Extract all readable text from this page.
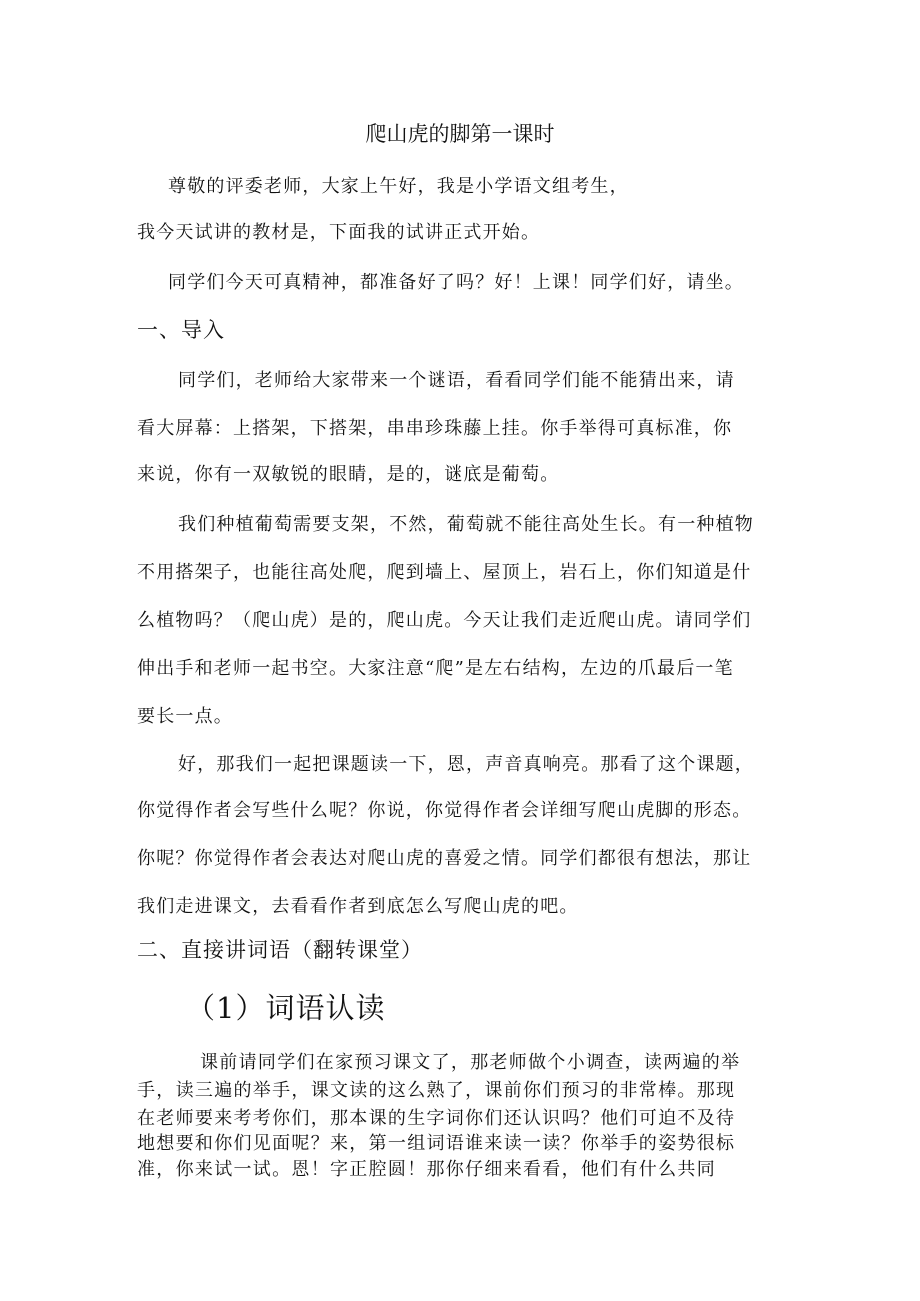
爬山虎的脚第一课时

尊敬的评委老师，大家上午好，我是小学语文组考生，

我今天试讲的教材是，下面我的试讲正式开始。

同学们今天可真精神，都准备好了吗？好！上课！同学们好，请坐。

一、导入

同学们，老师给大家带来一个谜语，看看同学们能不能猜出来，请

看大屏幕：上搭架，下搭架，串串珍珠藤上挂。你手举得可真标准，你

来说，你有一双敏锐的眼睛，是的，谜底是葡萄。

我们种植葡萄需要支架，不然，葡萄就不能往高处生长。有一种植物

不用搭架子，也能往高处爬，爬到墙上、屋顶上，岩石上，你们知道是什

么植物吗？（爬山虎）是的，爬山虎。今天让我们走近爬山虎。请同学们

伸出手和老师一起书空。大家注意“爬”是左右结构，左边的爪最后一笔

要长一点。

好，那我们一起把课题读一下，恩，声音真响亮。那看了这个课题，

你觉得作者会写些什么呢？你说，你觉得作者会详细写爬山虎脚的形态。

你呢？你觉得作者会表达对爬山虎的喜爱之情。同学们都很有想法，那让

我们走进课文，去看看作者到底怎么写爬山虎的吧。

二、直接讲词语（翻转课堂）
（1）词语认读

课前请同学们在家预习课文了，那老师做个小调查，读两遍的举

手，读三遍的举手，课文读的这么熟了，课前你们预习的非常棒。那现

在老师要来考考你们，那本课的生字词你们还认识吗？他们可迫不及待

地想要和你们见面呢？来，第一组词语谁来读一读？你举手的姿势很标

准，你来试一试。恩！字正腔圆！那你仔细来看看，他们有什么共同
